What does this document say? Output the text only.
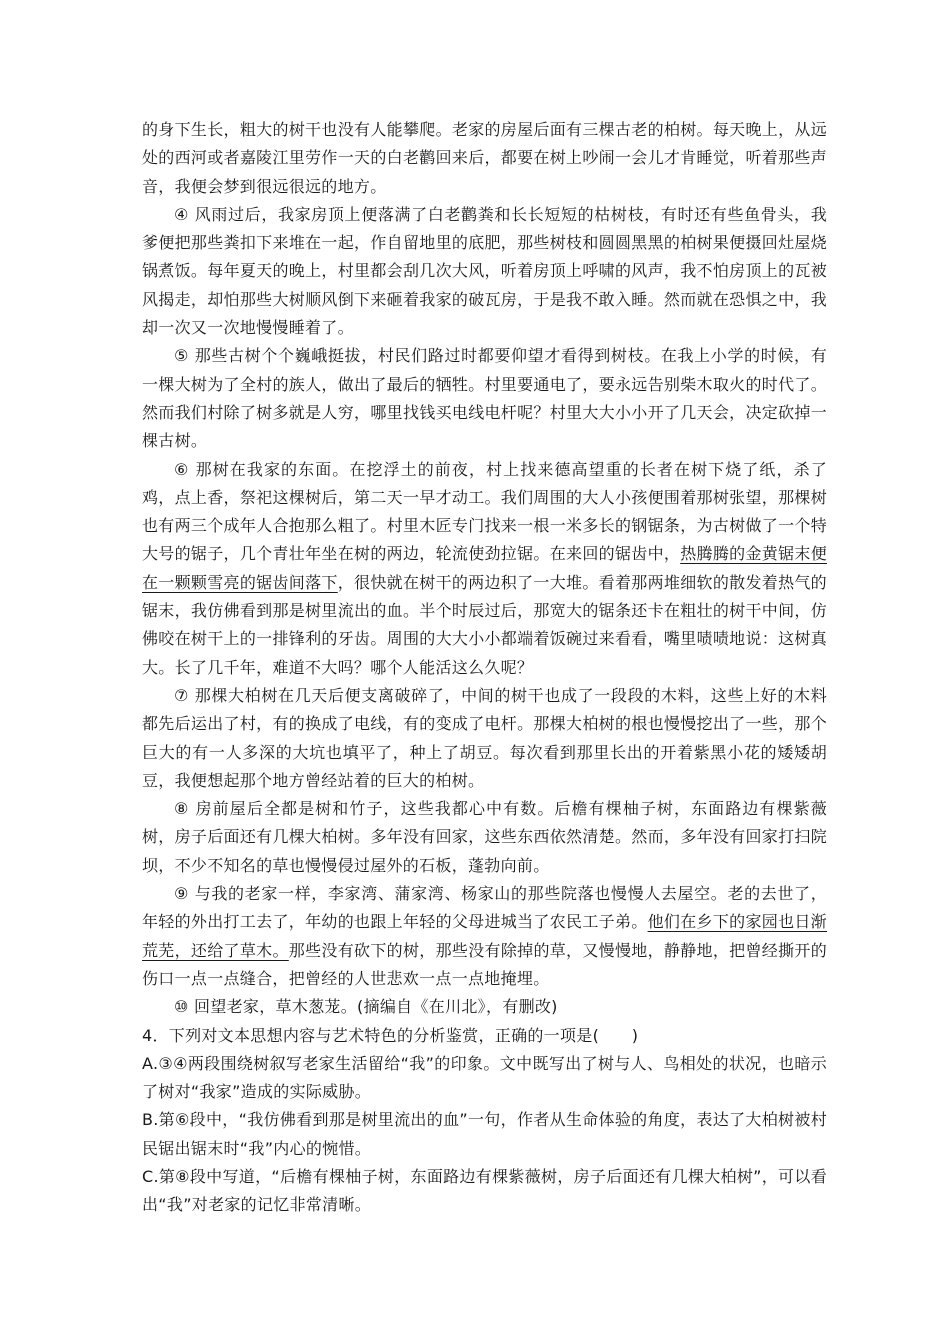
的身下生长，粗大的树干也没有人能攀爬。老家的房屋后面有三棵古老的柏树。每天晚上，从远处的西河或者嘉陵江里劳作一天的白老鹳回来后，都要在树上吵闹一会儿才肯睡觉，听着那些声音，我便会梦到很远很远的地方。

④ 风雨过后，我家房顶上便落满了白老鹳粪和长长短短的枯树枝，有时还有些鱼骨头，我爹便把那些粪扣下来堆在一起，作自留地里的底肥，那些树枝和圆圆黑黑的柏树果便摄回灶屋烧锅煮饭。每年夏天的晚上，村里都会刮几次大风，听着房顶上呼啸的风声，我不怕房顶上的瓦被风揭走，却怕那些大树顺风倒下来砸着我家的破瓦房，于是我不敢入睡。然而就在恐惧之中，我却一次又一次地慢慢睡着了。

⑤ 那些古树个个巍峨挺拔，村民们路过时都要仰望才看得到树枝。在我上小学的时候，有一棵大树为了全村的族人，做出了最后的牺牲。村里要通电了，要永远告别柴木取火的时代了。然而我们村除了树多就是人穷，哪里找钱买电线电杆呢？村里大大小小开了几天会，决定砍掉一棵古树。

⑥ 那树在我家的东面。在挖浮土的前夜，村上找来德高望重的长者在树下烧了纸，杀了鸡，点上香，祭祀这棵树后，第二天一早才动工。我们周围的大人小孩便围着那树张望，那棵树也有两三个成年人合抱那么粗了。村里木匠专门找来一根一米多长的钢锯条，为古树做了一个特大号的锯子，几个青壮年坐在树的两边，轮流使劲拉锯。在来回的锯齿中，热腾腾的金黄锯末便在一颗颗雪亮的锯齿间落下，很快就在树干的两边积了一大堆。看着那两堆细软的散发着热气的锯末，我仿佛看到那是树里流出的血。半个时辰过后，那宽大的锯条还卡在粗壮的树干中间，仿佛咬在树干上的一排锋利的牙齿。周围的大大小小都端着饭碗过来看看，嘴里啧啧地说：这树真大。长了几千年，难道不大吗？哪个人能活这么久呢？

⑦ 那棵大柏树在几天后便支离破碎了，中间的树干也成了一段段的木料，这些上好的木料都先后运出了村，有的换成了电线，有的变成了电杆。那棵大柏树的根也慢慢挖出了一些，那个巨大的有一人多深的大坑也填平了，种上了胡豆。每次看到那里长出的开着紫黑小花的矮矮胡豆，我便想起那个地方曾经站着的巨大的柏树。

⑧ 房前屋后全都是树和竹子，这些我都心中有数。后檐有棵柚子树，东面路边有棵紫薇树，房子后面还有几棵大柏树。多年没有回家，这些东西依然清楚。然而，多年没有回家打扫院坝，不少不知名的草也慢慢侵过屋外的石板，蓬勃向前。

⑨ 与我的老家一样，李家湾、蒲家湾、杨家山的那些院落也慢慢人去屋空。老的去世了，年轻的外出打工去了，年幼的也跟上年轻的父母进城当了农民工子弟。他们在乡下的家园也日渐荒芜，还给了草木。那些没有砍下的树，那些没有除掉的草，又慢慢地，静静地，把曾经撕开的伤口一点一点缝合，把曾经的人世悲欢一点一点地掩埋。

⑩ 回望老家，草木葱茏。(摘编自《在川北》，有删改)

4．下列对文本思想内容与艺术特色的分析鉴赏，正确的一项是(　　)

A.③④两段围绕树叙写老家生活留给“我”的印象。文中既写出了树与人、鸟相处的状况，也暗示了树对“我家”造成的实际威胁。

B.第⑥段中，“我仿佛看到那是树里流出的血”一句，作者从生命体验的角度，表达了大柏树被村民锯出锯末时“我”内心的惋惜。

C.第⑧段中写道，“后檐有棵柚子树，东面路边有棵紫薇树，房子后面还有几棵大柏树”，可以看出“我”对老家的记忆非常清晰。
